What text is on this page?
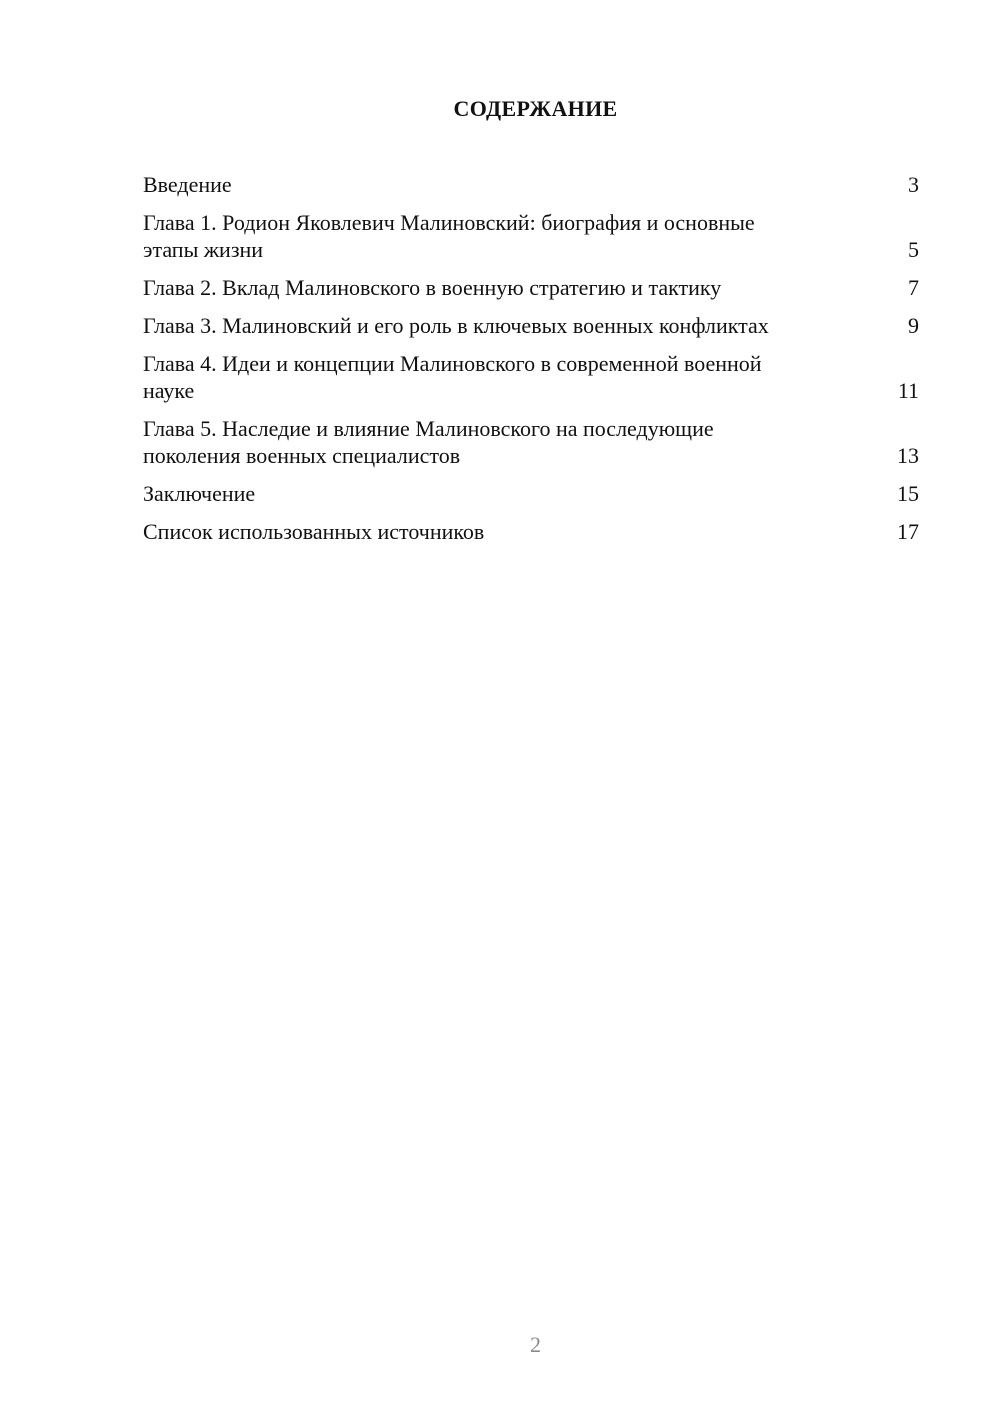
СОДЕРЖАНИЕ
Введение	3
Глава 1. Родион Яковлевич Малиновский: биография и основные этапы жизни	5
Глава 2. Вклад Малиновского в военную стратегию и тактику	7
Глава 3. Малиновский и его роль в ключевых военных конфликтах	9
Глава 4. Идеи и концепции Малиновского в современной военной науке	11
Глава 5. Наследие и влияние Малиновского на последующие поколения военных специалистов	13
Заключение	15
Список использованных источников	17
2
